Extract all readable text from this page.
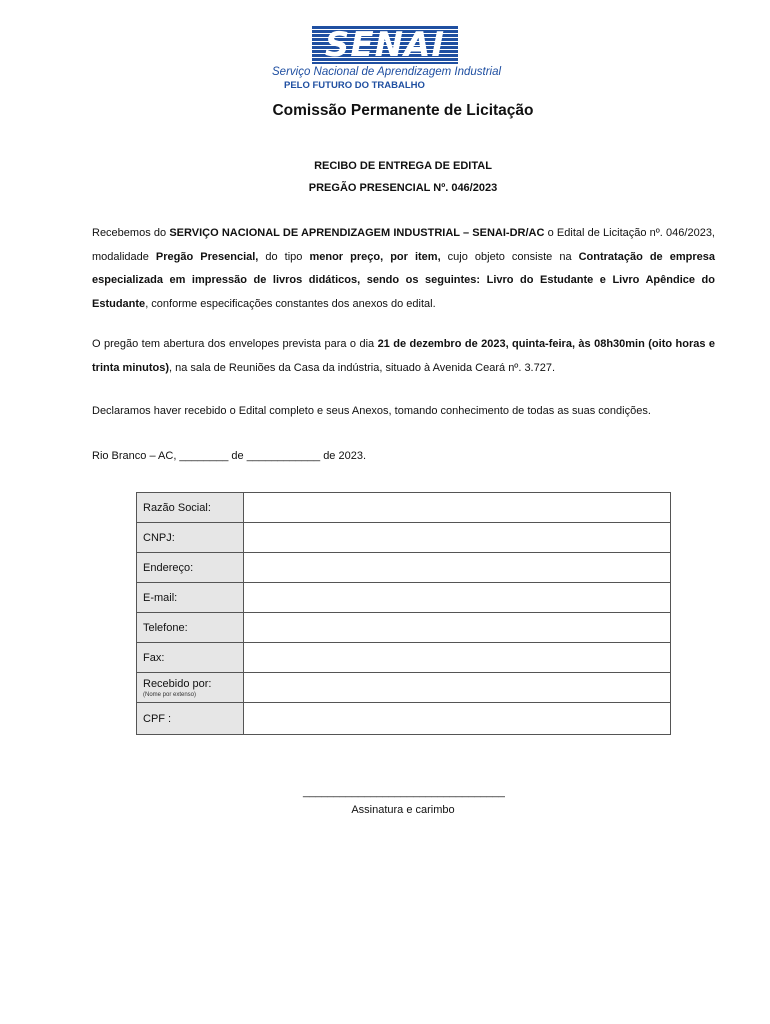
SENAI
Serviço Nacional de Aprendizagem Industrial
PELO FUTURO DO TRABALHO
Comissão Permanente de Licitação
RECIBO DE ENTREGA DE EDITAL
PREGÃO PRESENCIAL Nº. 046/2023
Recebemos do SERVIÇO NACIONAL DE APRENDIZAGEM INDUSTRIAL – SENAI-DR/AC o Edital de Licitação nº. 046/2023, modalidade Pregão Presencial, do tipo menor preço, por item, cujo objeto consiste na Contratação de empresa especializada em impressão de livros didáticos, sendo os seguintes: Livro do Estudante e Livro Apêndice do Estudante, conforme especificações constantes dos anexos do edital.
O pregão tem abertura dos envelopes prevista para o dia 21 de dezembro de 2023, quinta-feira, às 08h30min (oito horas e trinta minutos), na sala de Reuniões da Casa da indústria, situado à Avenida Ceará nº. 3.727.
Declaramos haver recebido o Edital completo e seus Anexos, tomando conhecimento de todas as suas condições.
Rio Branco – AC, ________ de ____________ de 2023.
Razão Social:	
CNPJ:	
Endereço:	
E-mail:	
Telefone:	
Fax:	

Recebido por:
(Nome por extenso)	

CPF :	
_________________________________
Assinatura e carimbo
